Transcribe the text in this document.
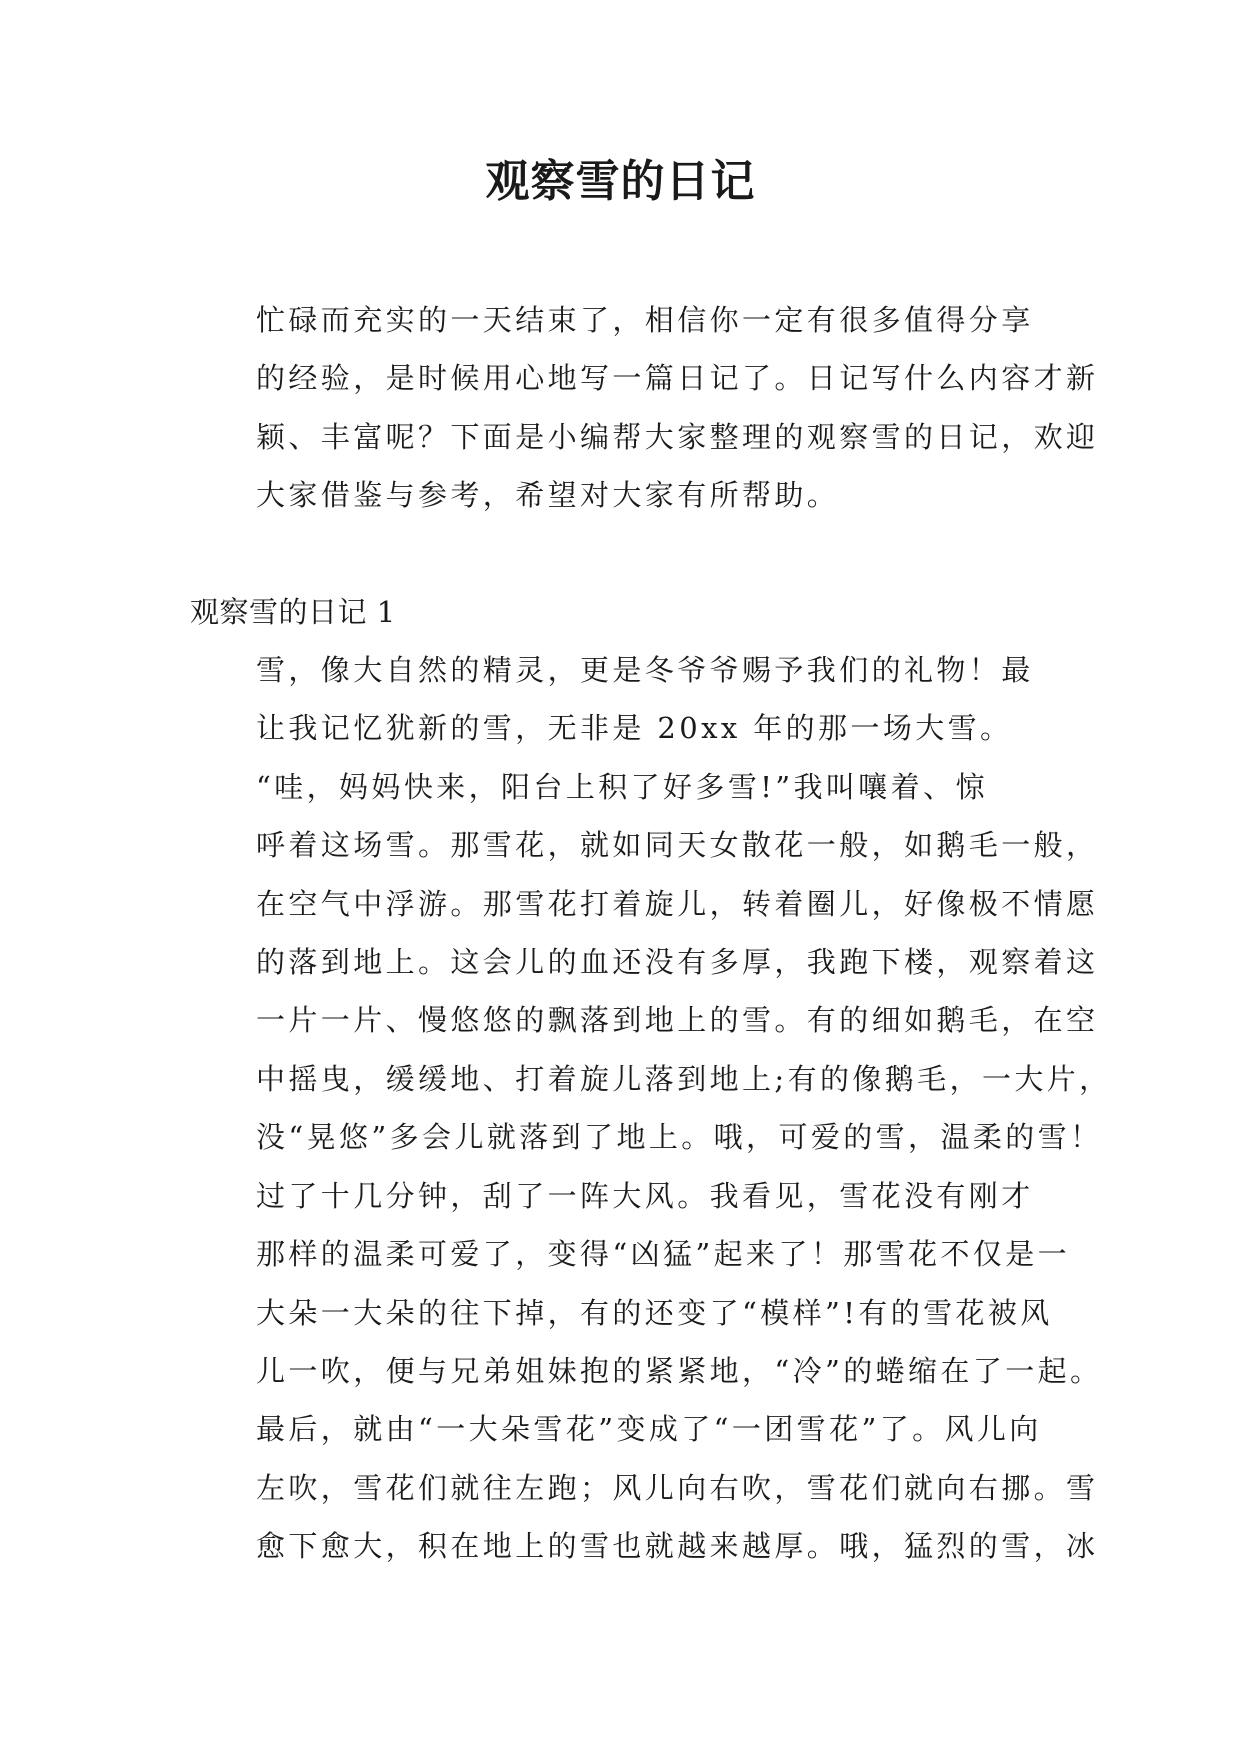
观察雪的日记

忙碌而充实的一天结束了，相信你一定有很多值得分享
的经验，是时候用心地写一篇日记了。日记写什么内容才新
颖、丰富呢？下面是小编帮大家整理的观察雪的日记，欢迎
大家借鉴与参考，希望对大家有所帮助。

观察雪的日记 1

雪，像大自然的精灵，更是冬爷爷赐予我们的礼物！最
让我记忆犹新的雪，无非是 20xx 年的那一场大雪。

“哇，妈妈快来，阳台上积了好多雪!”我叫嚷着、惊
呼着这场雪。那雪花，就如同天女散花一般，如鹅毛一般，
在空气中浮游。那雪花打着旋儿，转着圈儿，好像极不情愿
的落到地上。这会儿的血还没有多厚，我跑下楼，观察着这
一片一片、慢悠悠的飘落到地上的雪。有的细如鹅毛，在空
中摇曳，缓缓地、打着旋儿落到地上;有的像鹅毛，一大片，
没“晃悠”多会儿就落到了地上。哦，可爱的雪，温柔的雪！

过了十几分钟，刮了一阵大风。我看见，雪花没有刚才
那样的温柔可爱了，变得“凶猛”起来了！那雪花不仅是一
大朵一大朵的往下掉，有的还变了“模样”!有的雪花被风
儿一吹，便与兄弟姐妹抱的紧紧地，“冷”的蜷缩在了一起。
最后，就由“一大朵雪花”变成了“一团雪花”了。风儿向
左吹，雪花们就往左跑；风儿向右吹，雪花们就向右挪。雪
愈下愈大，积在地上的雪也就越来越厚。哦，猛烈的雪，冰
